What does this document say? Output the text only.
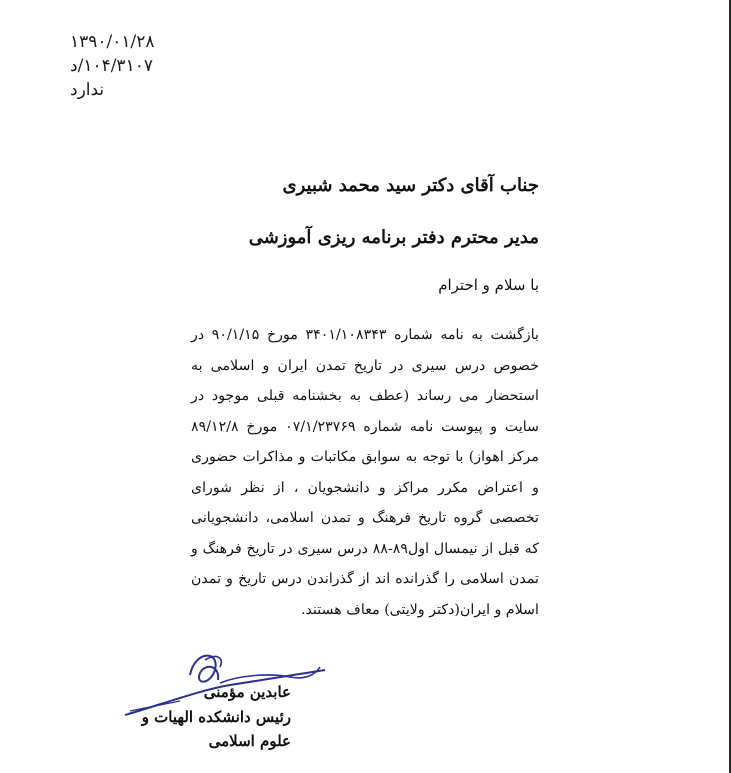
۱۳۹۰/۰۱/۲۸
۱۰۴/۳۱۰۷/د
ندارد
جناب آقای دکتر سید محمد شبیری
مدیر محترم دفتر برنامه ریزی آموزشی
با سلام و احترام
بازگشت به نامه شماره ۳۴۰۱/۱۰۸۳۴۳ مورخ ۹۰/۱/۱۵ در خصوص درس سیری در تاریخ تمدن ایران و اسلامی به استحضار می رساند (عطف به بخشنامه قبلی موجود در سایت و پیوست نامه شماره ۰۷/۱/۲۳۷۶۹ مورخ ۸۹/۱۲/۸ مرکز اهواز) با توجه به سوابق مکاتبات و مذاکرات حضوری و اعتراض مکرر مراکز و دانشجویان ، از نظر شورای تخصصی گروه تاریخ فرهنگ و تمدن اسلامی، دانشجویانی که قبل از نیمسال اول۸۹-۸۸ درس سیری در تاریخ فرهنگ و تمدن اسلامی را گذرانده اند از گذراندن درس تاریخ و تمدن اسلام و ایران(دکتر ولایتی) معاف هستند.
عابدین مؤمنی
رئیس دانشکده الهیات و
علوم اسلامی
